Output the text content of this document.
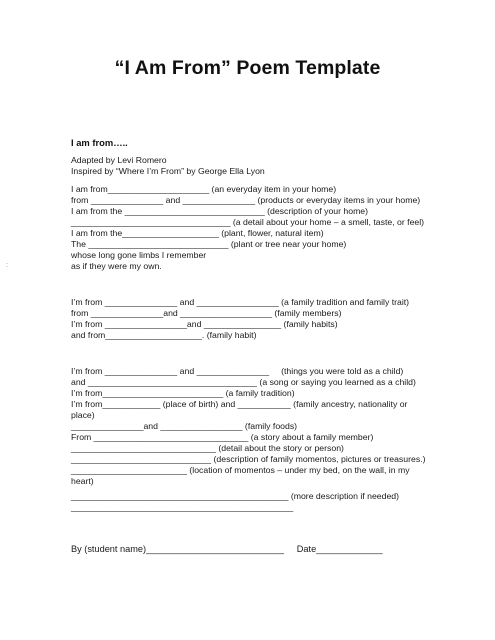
“I Am From” Poem Template
I am from…..
Adapted by Levi Romero
Inspired by “Where I’m From” by George Ella Lyon
I am from_____________________ (an everyday item in your home)
from _______________ and _______________ (products or everyday items in your home)
I am from the _____________________________ (description of your home)
_________________________________ (a detail about your home – a smell, taste, or feel)
I am from the____________________ (plant, flower, natural item)
The _____________________________ (plant or tree near your home)
whose long gone limbs I remember
as if they were my own.
I’m from _______________ and _________________ (a family tradition and family trait)
from _______________and ___________________ (family members)
I’m from _________________and ________________ (family habits)
and from____________________. (family habit)
I’m from _______________ and _______________     (things you were told as a child)
and ___________________________________ (a song or saying you learned as a child)
I’m from_________________________ (a family tradition)
I’m from____________ (place of birth) and ___________ (family ancestry, nationality or
place)
_______________and _________________ (family foods)
From ________________________________ (a story about a family member)
______________________________ (detail about the story or person)
_____________________________ (description of family momentos, pictures or treasures.)
________________________ (location of momentos – under my bed, on the wall, in my
heart)
_____________________________________________ (more description if needed)
______________________________________________
By (student name)___________________________     Date_____________
:
